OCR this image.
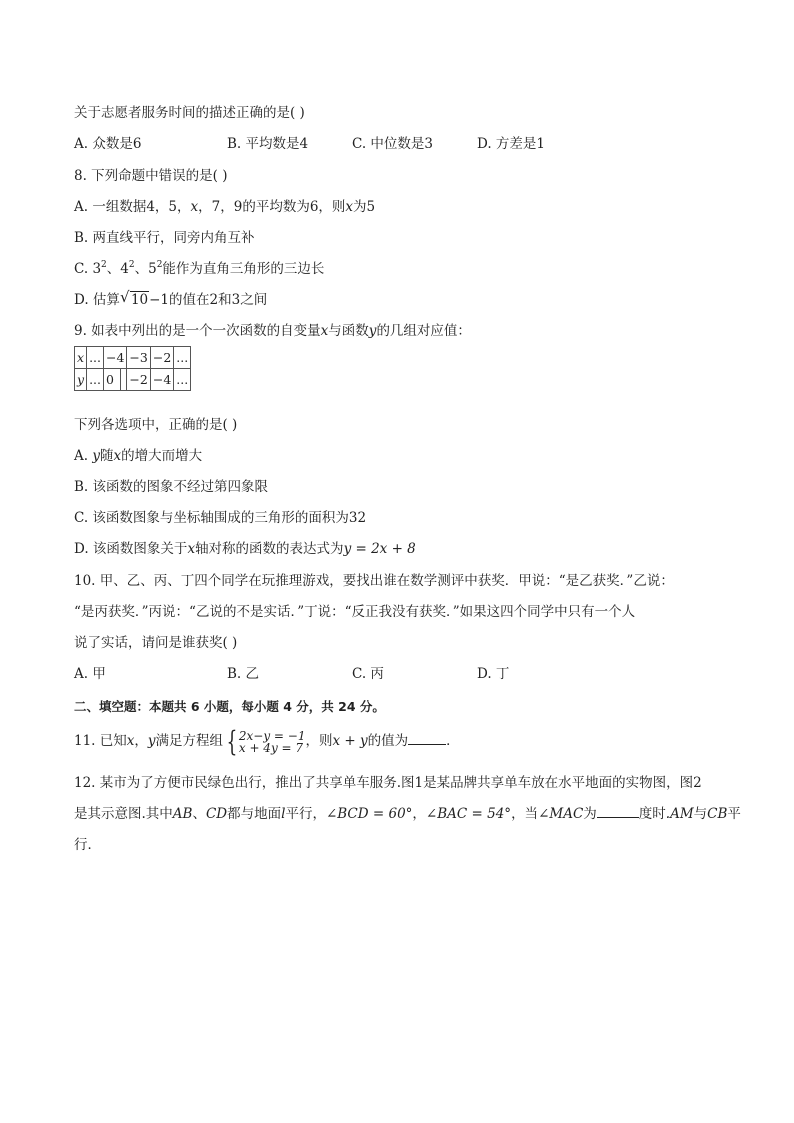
关于志愿者服务时间的描述正确的是( )
A. 众数是6	B. 平均数是4	C. 中位数是3	D. 方差是1
8. 下列命题中错误的是( )
A. 一组数据4，5，x，7，9的平均数为6，则x为5
B. 两直线平行，同旁内角互补
C. $3^2$、$4^2$、$5^2$能作为直角三角形的三边长
D. 估算 √ 10−1的值在2和3之间
9. 如表中列出的是一个一次函数的自变量x与函数y的几组对应值：
x	...	−4		−3	−2	...
y	...	0		−2	−4	...
下列各选项中，正确的是( )
A. y随x的增大而增大
B. 该函数的图象不经过第四象限
C. 该函数图象与坐标轴围成的三角形的面积为32
D. 该函数图象关于x轴对称的函数的表达式为y = 2x + 8
10. 甲、乙、丙、丁四个同学在玩推理游戏，要找出谁在数学测评中获奖．甲说：“是乙获奖．”乙说：
“是丙获奖．”丙说：“乙说的不是实话．”丁说：“反正我没有获奖．”如果这四个同学中只有一个人
说了实话，请问是谁获奖( )
A. 甲	B. 乙	C. 丙	D. 丁
二、填空题：本题共 6 小题，每小题 4 分，共 24 分。
11. 已知x，y满足方程组 { 2x−y = −1
x + 4y = 7 ，则x + y的值为	．
12. 某市为了方便市民绿色出行，推出了共享单车服务.图1是某品牌共享单车放在水平地面的实物图，图2
是其示意图.其中AB、CD都与地面l平行，∠BCD = 60°，∠BAC = 54°，当∠MAC为	度时.AM与CB平
行．
